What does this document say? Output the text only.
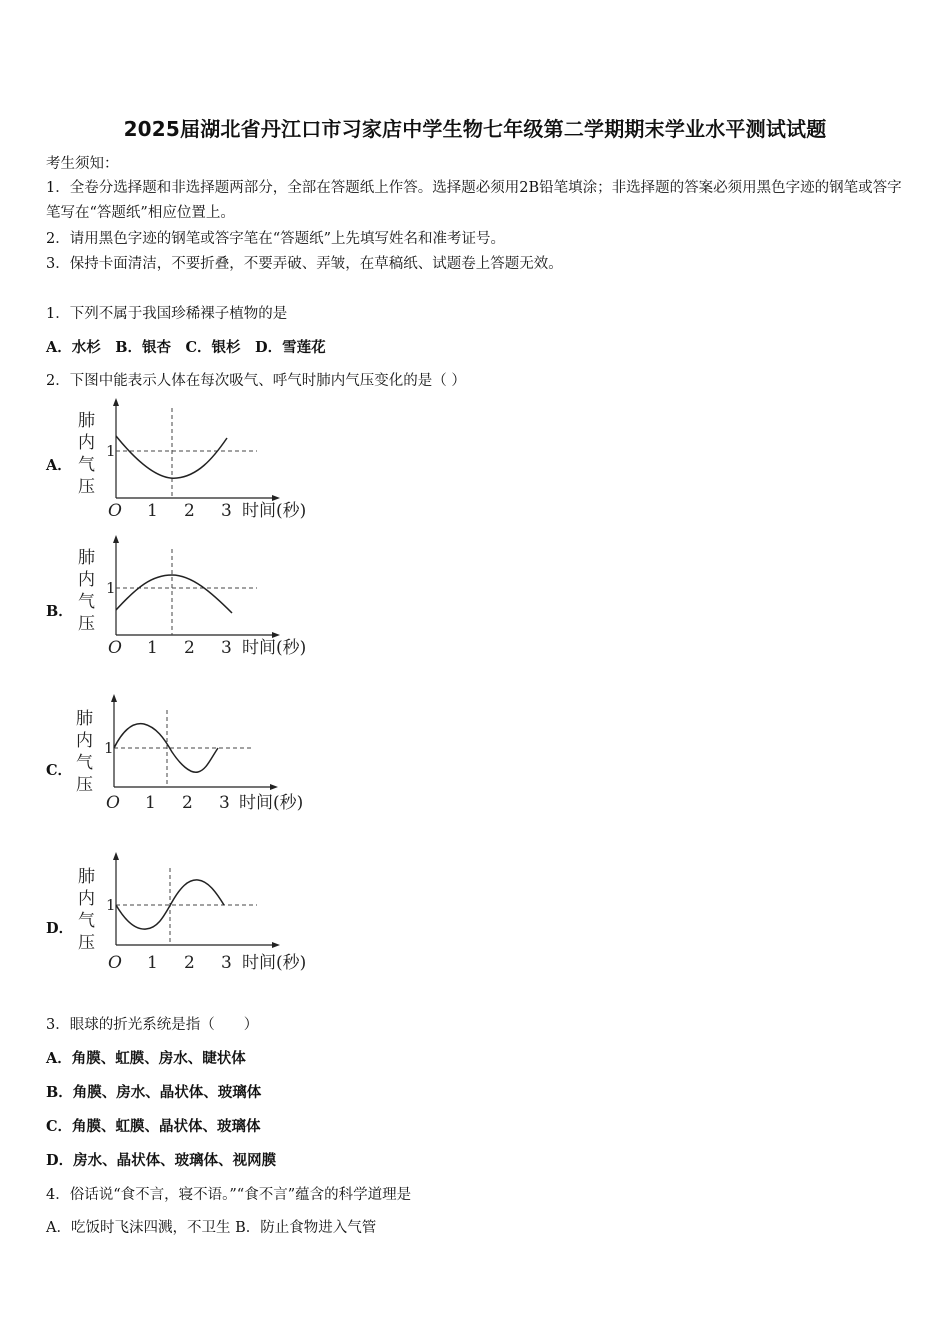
2025届湖北省丹江口市习家店中学生物七年级第二学期期末学业水平测试试题
考生须知：
1．全卷分选择题和非选择题两部分，全部在答题纸上作答。选择题必须用2B铅笔填涂；非选择题的答案必须用黑色字迹的钢笔或答字笔写在“答题纸”相应位置上。
2．请用黑色字迹的钢笔或答字笔在“答题纸”上先填写姓名和准考证号。
3．保持卡面清洁，不要折叠，不要弄破、弄皱，在草稿纸、试题卷上答题无效。
1．下列不属于我国珍稀裸子植物的是
A．水杉　B．银杏　C．银杉　D．雪莲花
2．下图中能表示人体在每次吸气、呼气时肺内气压变化的是（ ）
A．
肺
内
气
压
1
O 1 2 3 时间(秒)
B．
肺
内
气
压
1
O 1 2 3 时间(秒)
C．
肺
内
气
压
1
O 1 2 3 时间(秒)
D．
肺
内
气
压
1
O 1 2 3 时间(秒)
3．眼球的折光系统是指（　　）
A．角膜、虹膜、房水、睫状体
B．角膜、房水、晶状体、玻璃体
C．角膜、虹膜、晶状体、玻璃体
D．房水、晶状体、玻璃体、视网膜
4．俗话说“食不言，寝不语。”“食不言”蕴含的科学道理是
A．吃饭时飞沫四溅，不卫生 B．防止食物进入气管
